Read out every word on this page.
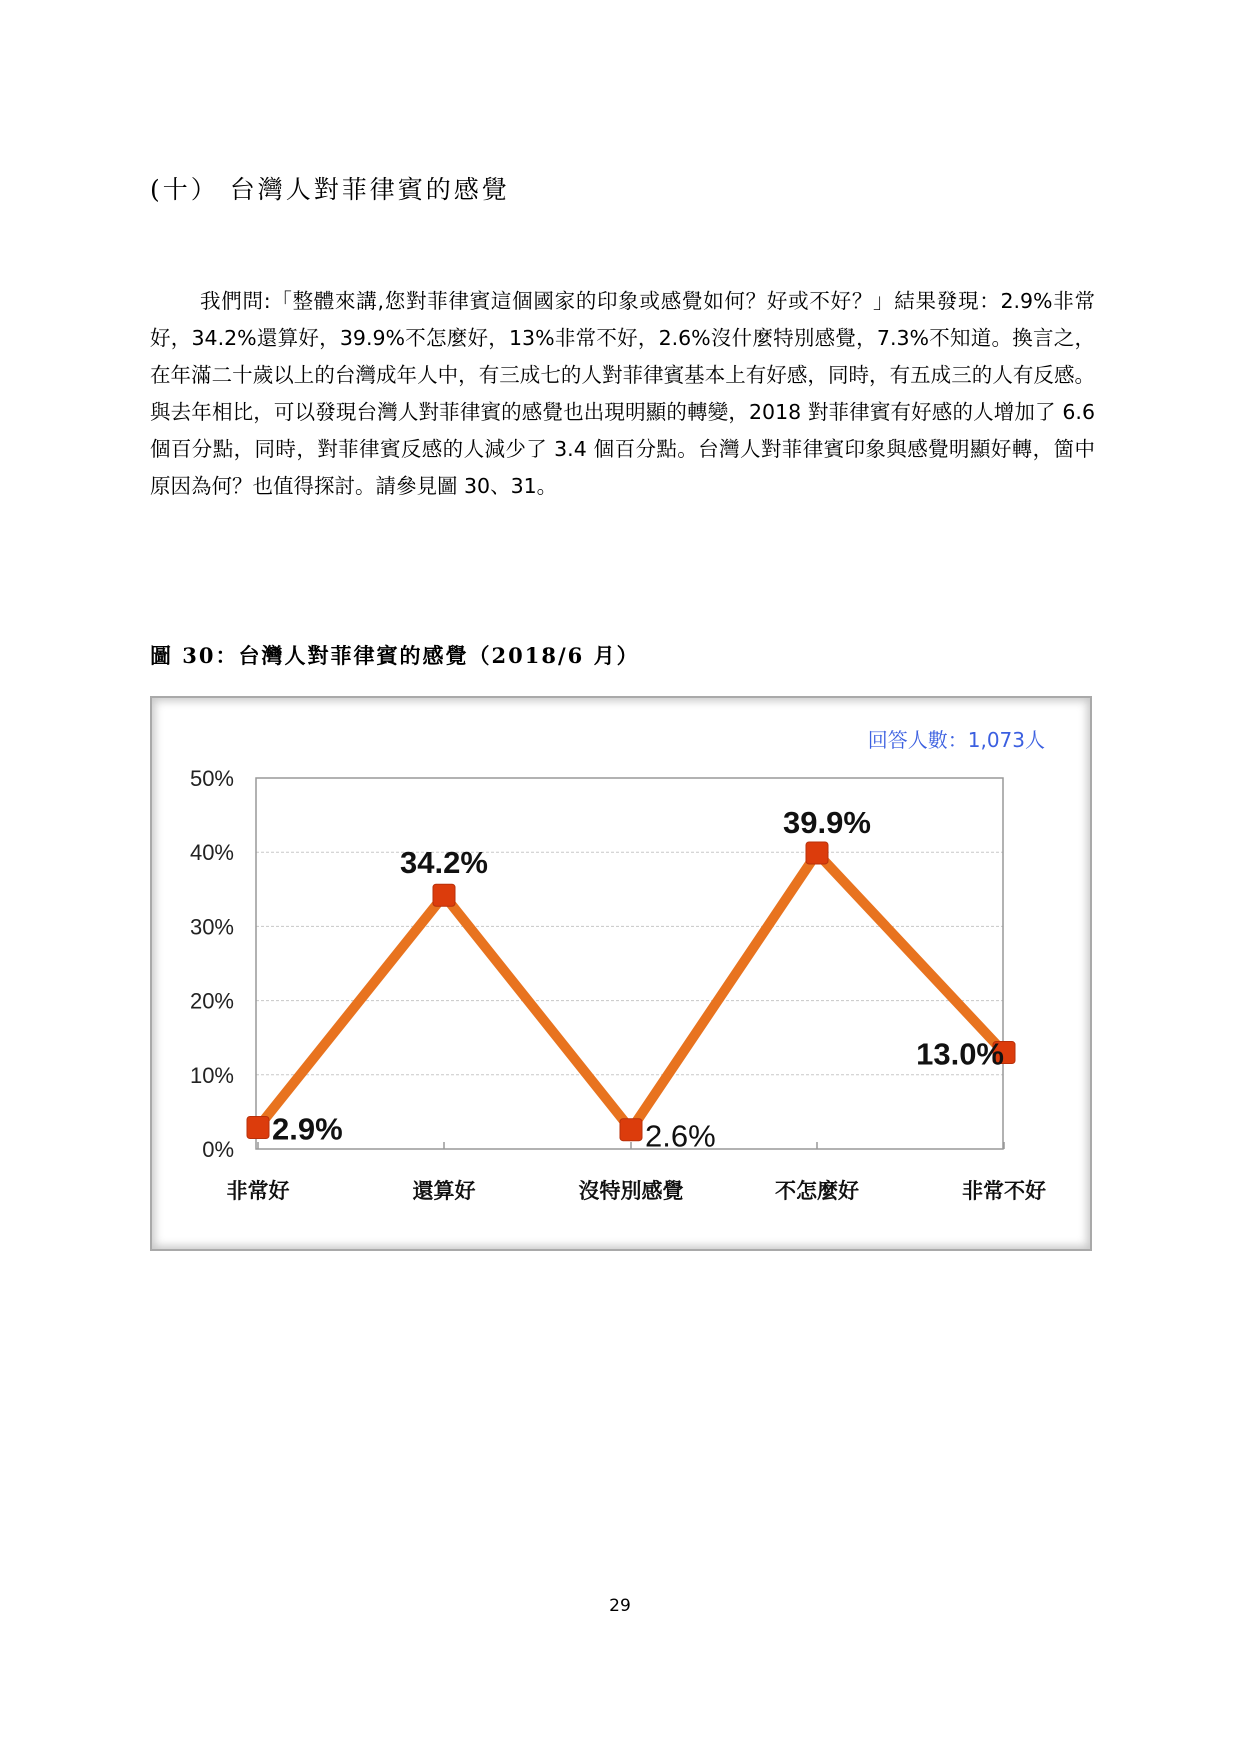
(十） 台灣人對菲律賓的感覺

我們問:「整體來講,您對菲律賓這個國家的印象或感覺如何？好或不好？」結果發現：2.9%非常好，34.2%還算好，39.9%不怎麼好，13%非常不好，2.6%沒什麼特別感覺，7.3%不知道。換言之，在年滿二十歲以上的台灣成年人中，有三成七的人對菲律賓基本上有好感，同時，有五成三的人有反感。與去年相比，可以發現台灣人對菲律賓的感覺也出現明顯的轉變，2018 對菲律賓有好感的人增加了 6.6 個百分點，同時，對菲律賓反感的人減少了 3.4 個百分點。台灣人對菲律賓印象與感覺明顯好轉，箇中原因為何？也值得探討。請參見圖 30、31。

圖 30：台灣人對菲律賓的感覺（2018/6 月）
0%
10%
20%
30%
40%
50%
非常好	還算好	沒特別感覺	不怎麼好	非常不好
2.9%
34.2%
2.6%
39.9%
13.0%
回答人數：1,073人
29
